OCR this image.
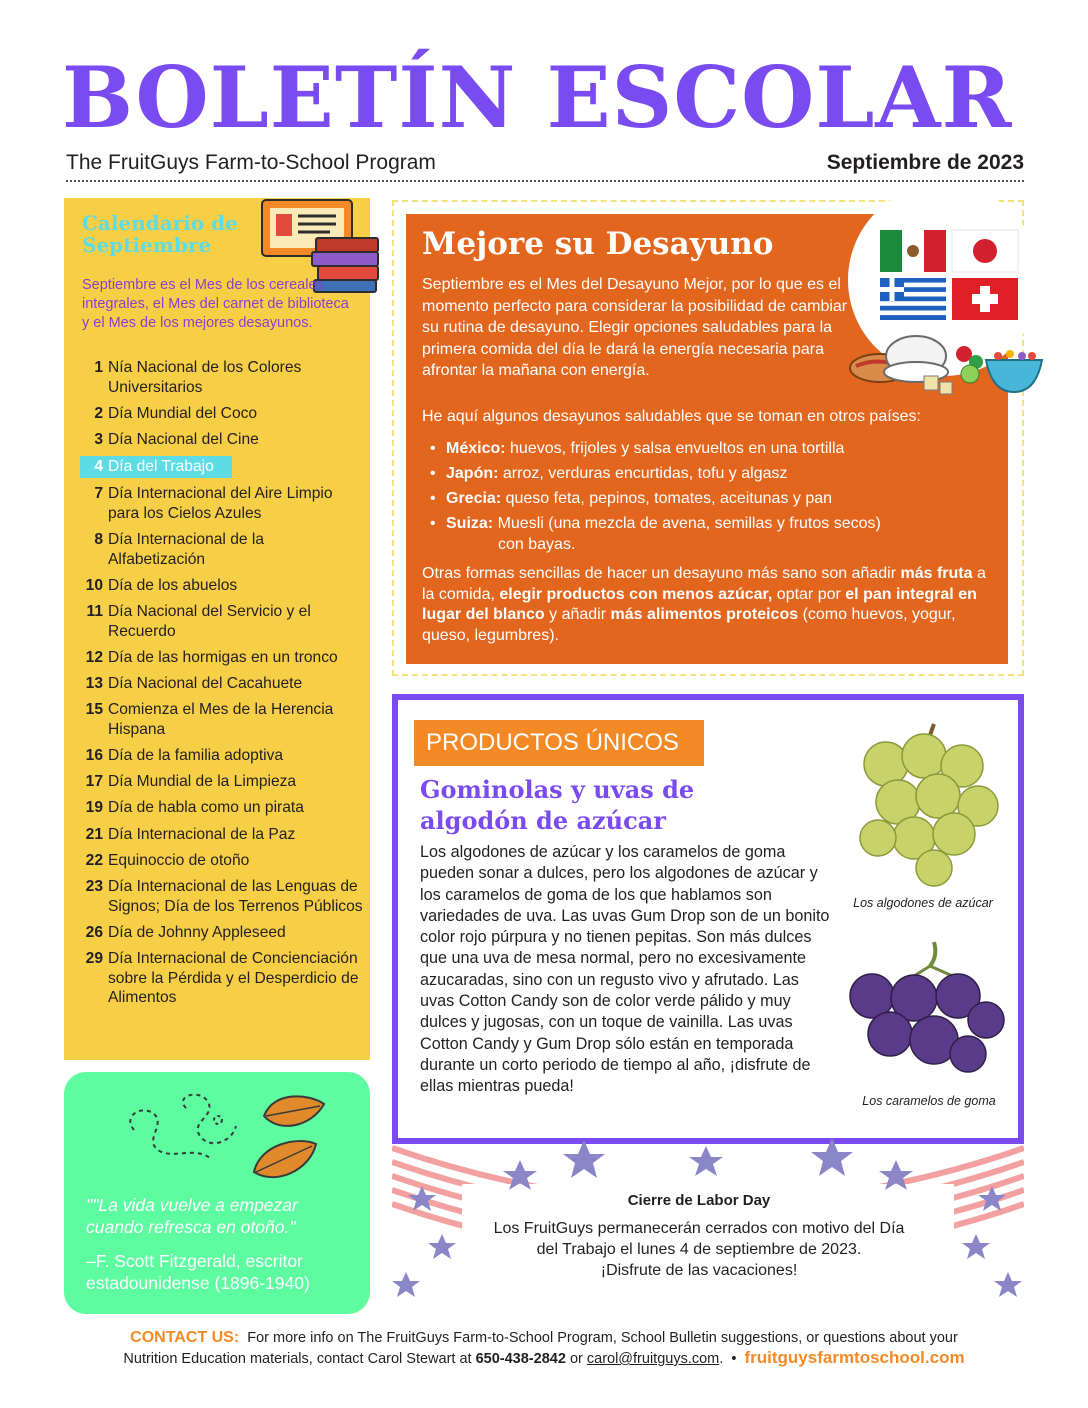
BOLETÍN ESCOLAR
The FruitGuys Farm-to-School Program	Septiembre de 2023
Calendario de Septiembre
Septiembre es el Mes de los cereales integrales, el Mes del carnet de biblioteca y el Mes de los mejores desayunos.
1 Nía Nacional de los Colores Universitarios
2 Día Mundial del Coco
3 Día Nacional del Cine
4 Día del Trabajo
7 Día Internacional del Aire Limpio para los Cielos Azules
8 Día Internacional de la Alfabetización
10 Día de los abuelos
11 Día Nacional del Servicio y el Recuerdo
12 Día de las hormigas en un tronco
13 Día Nacional del Cacahuete
15 Comienza el Mes de la Herencia Hispana
16 Día de la familia adoptiva
17 Día Mundial de la Limpieza
19 Día de habla como un pirata
21 Día Internacional de la Paz
22 Equinoccio de otoño
23 Día Internacional de las Lenguas de Signos; Día de los Terrenos Públicos
26 Día de Johnny Appleseed
29 Día Internacional de Concienciación sobre la Pérdida y el Desperdicio de Alimentos
""La vida vuelve a empezar cuando refresca en otoño."
–F. Scott Fitzgerald, escritor estadounidense (1896-1940)
Mejore su Desayuno
Septiembre es el Mes del Desayuno Mejor, por lo que es el momento perfecto para considerar la posibilidad de cambiar su rutina de desayuno. Elegir opciones saludables para la primera comida del día le dará la energía necesaria para afrontar la mañana con energía.
He aquí algunos desayunos saludables que se toman en otros países:
• México: huevos, frijoles y salsa envueltos en una tortilla
• Japón: arroz, verduras encurtidas, tofu y algasz
• Grecia: queso feta, pepinos, tomates, aceitunas y pan
• Suiza: Muesli (una mezcla de avena, semillas y frutos secos)
con bayas.
Otras formas sencillas de hacer un desayuno más sano son añadir más fruta a la comida, elegir productos con menos azúcar, optar por el pan integral en lugar del blanco y añadir más alimentos proteicos (como huevos, yogur, queso, legumbres).
PRODUCTOS ÚNICOS
Gominolas y uvas de algodón de azúcar
Los algodones de azúcar y los caramelos de goma pueden sonar a dulces, pero los algodones de azúcar y los caramelos de goma de los que hablamos son variedades de uva. Las uvas Gum Drop son de un bonito color rojo púrpura y no tienen pepitas. Son más dulces que una uva de mesa normal, pero no excesivamente azucaradas, sino con un regusto vivo y afrutado. Las uvas Cotton Candy son de color verde pálido y muy dulces y jugosas, con un toque de vainilla. Las uvas Cotton Candy y Gum Drop sólo están en temporada durante un corto periodo de tiempo al año, ¡disfrute de ellas mientras pueda!
Los algodones de azúcar
Los caramelos de goma
Cierre de Labor Day
Los FruitGuys permanecerán cerrados con motivo del Día del Trabajo el lunes 4 de septiembre de 2023.
¡Disfrute de las vacaciones!
CONTACT US: For more info on The FruitGuys Farm-to-School Program, School Bulletin suggestions, or questions about your
Nutrition Education materials, contact Carol Stewart at 650-438-2842 or carol@fruitguys.com.  •  fruitguysfarmtoschool.com
